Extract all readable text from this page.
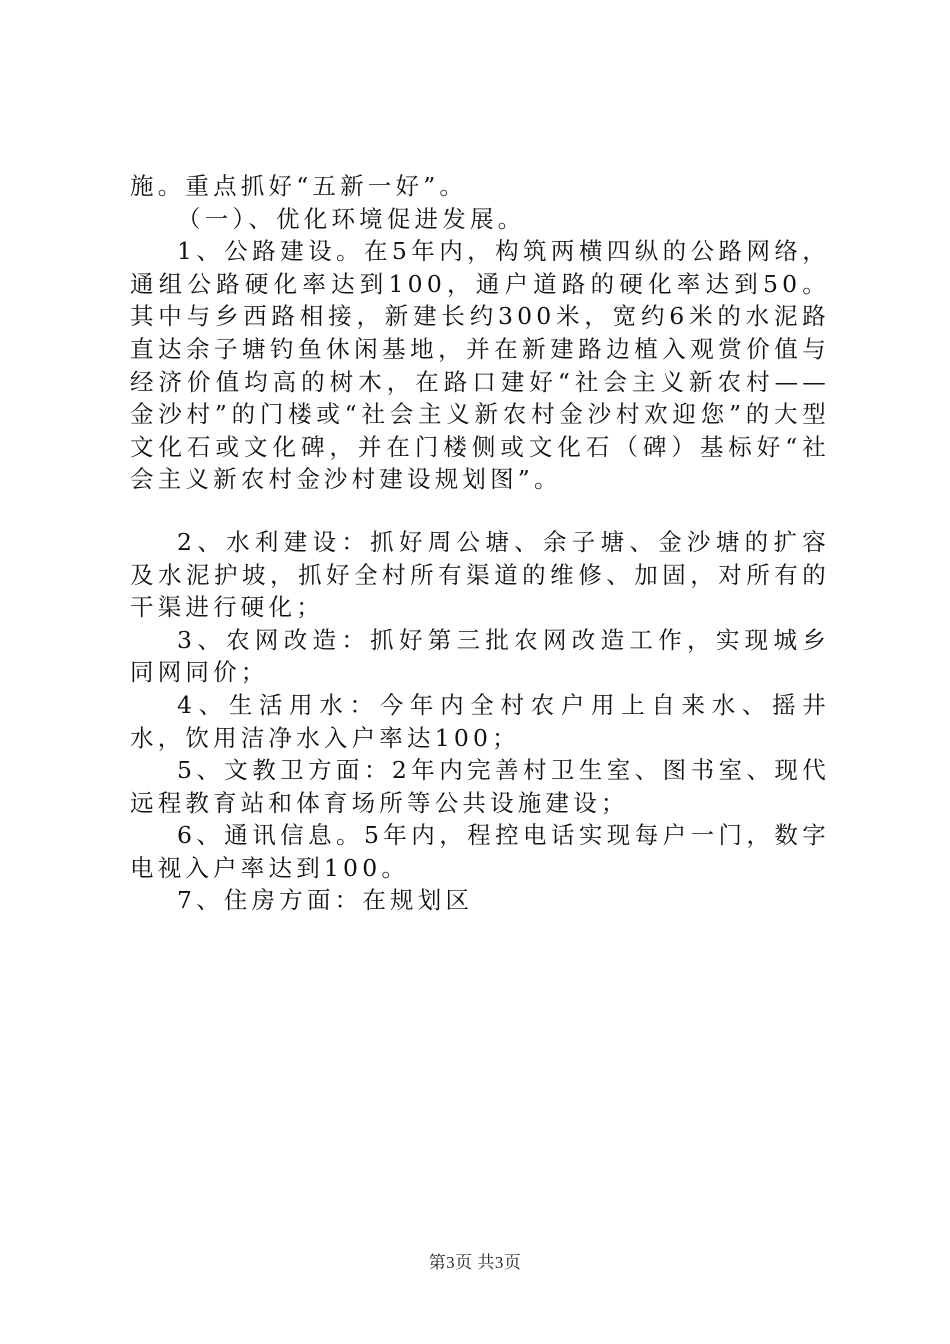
施。重点抓好“五新一好”。

（一）、优化环境促进发展。

1、公路建设。在5年内，构筑两横四纵的公路网络，通组公路硬化率达到100，通户道路的硬化率达到50。其中与乡西路相接，新建长约300米，宽约6米的水泥路直达余子塘钓鱼休闲基地，并在新建路边植入观赏价值与经济价值均高的树木，在路口建好“社会主义新农村——金沙村”的门楼或“社会主义新农村金沙村欢迎您”的大型文化石或文化碑，并在门楼侧或文化石（碑）基标好“社会主义新农村金沙村建设规划图”。

2、水利建设：抓好周公塘、余子塘、金沙塘的扩容及水泥护坡，抓好全村所有渠道的维修、加固，对所有的干渠进行硬化；

3、农网改造：抓好第三批农网改造工作，实现城乡同网同价；

4、生活用水：今年内全村农户用上自来水、摇井水，饮用洁净水入户率达100；

5、文教卫方面：2年内完善村卫生室、图书室、现代远程教育站和体育场所等公共设施建设；

6、通讯信息。5年内，程控电话实现每户一门，数字电视入户率达到100。

7、住房方面：在规划区

第3页 共3页
